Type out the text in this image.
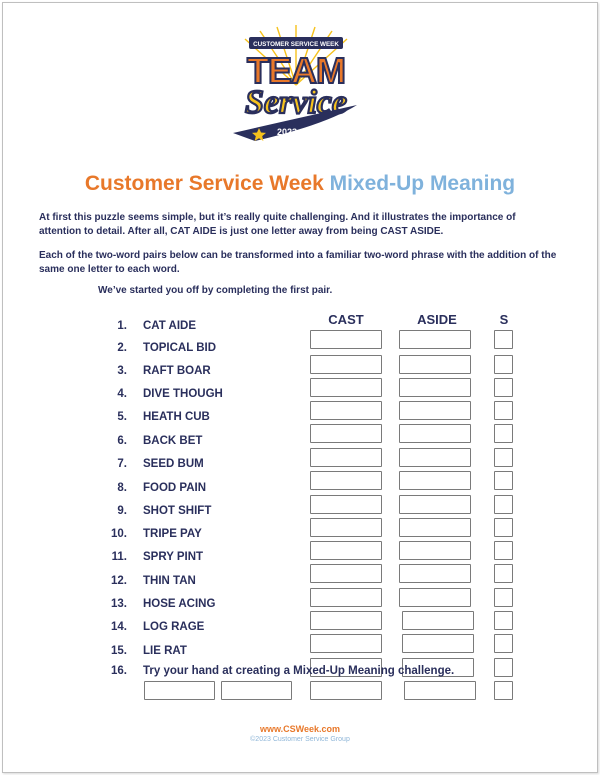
CUSTOMER SERVICE WEEK
TEAM
Service
2023
Customer Service Week Mixed-Up Meaning
At first this puzzle seems simple, but it’s really quite challenging. And it illustrates the importance of attention to detail. After all, CAT AIDE is just one letter away from being CAST ASIDE.
Each of the two-word pairs below can be transformed into a familiar two-word phrase with the addition of the same one letter to each word.
We’ve started you off by completing the first pair.
CAST	ASIDE	S
1. CAT AIDE
2. TOPICAL BID
3. RAFT BOAR
4. DIVE THOUGH
5. HEATH CUB
6. BACK BET
7. SEED BUM
8. FOOD PAIN
9. SHOT SHIFT
10. TRIPE PAY
11. SPRY PINT
12. THIN TAN
13. HOSE ACING
14. LOG RAGE
15. LIE RAT
16. Try your hand at creating a Mixed-Up Meaning challenge.
www.CSWeek.com
©2023 Customer Service Group
